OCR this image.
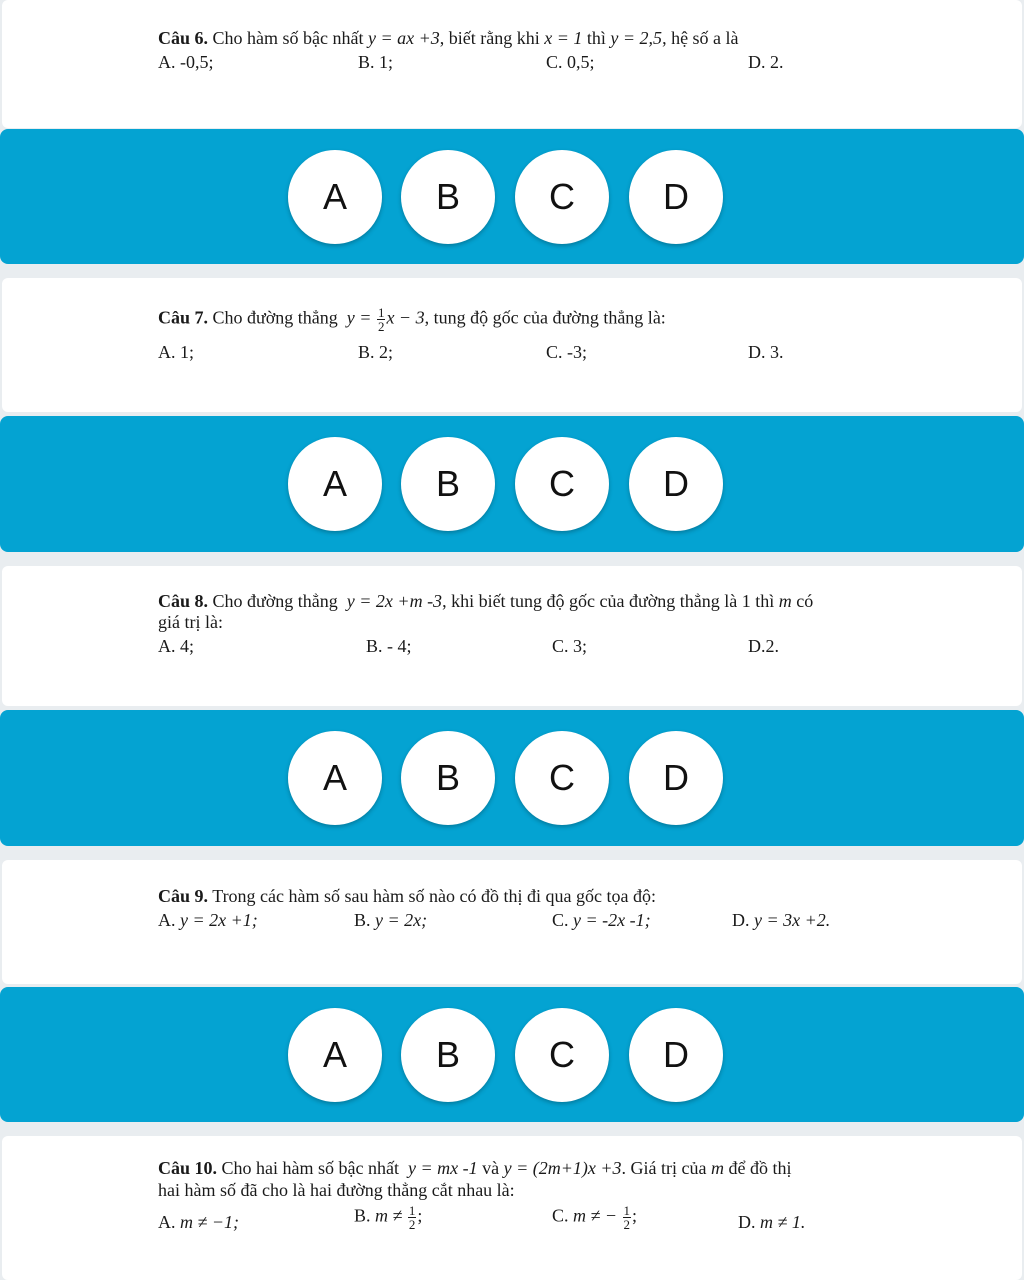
Câu 6. Cho hàm số bậc nhất y = ax +3, biết rằng khi x = 1 thì y = 2,5, hệ số a là
A. -0,5;	B. 1;	C. 0,5;	D. 2.
A	B	C	D
Câu 7. Cho đường thẳng $y = \frac{1}{2}$ x − 3, tung độ gốc của đường thẳng là:
A. 1;	B. 2;	C. -3;	D. 3.
A	B	C	D
Câu 8. Cho đường thẳng y = 2x +m -3, khi biết tung độ gốc của đường thẳng là 1 thì m có
giá trị là:
A. 4;	B. - 4;	C. 3;	D.2.
A	B	C	D
Câu 9. Trong các hàm số sau hàm số nào có đồ thị đi qua gốc tọa độ:
A. y = 2x +1;	B. y = 2x;	C. y = -2x -1;	D. y = 3x +2.
A	B	C	D
Câu 10. Cho hai hàm số bậc nhất y = mx -1 và y = (2m+1)x +3. Giá trị của m để đồ thị
hai hàm số đã cho là hai đường thẳng cắt nhau là:
A. m ≠ −1;	B. $m \ne \frac{1}{2}$ ;	C. m ≠ − $\frac{1}{2}$ ;	D. m ≠ 1.
